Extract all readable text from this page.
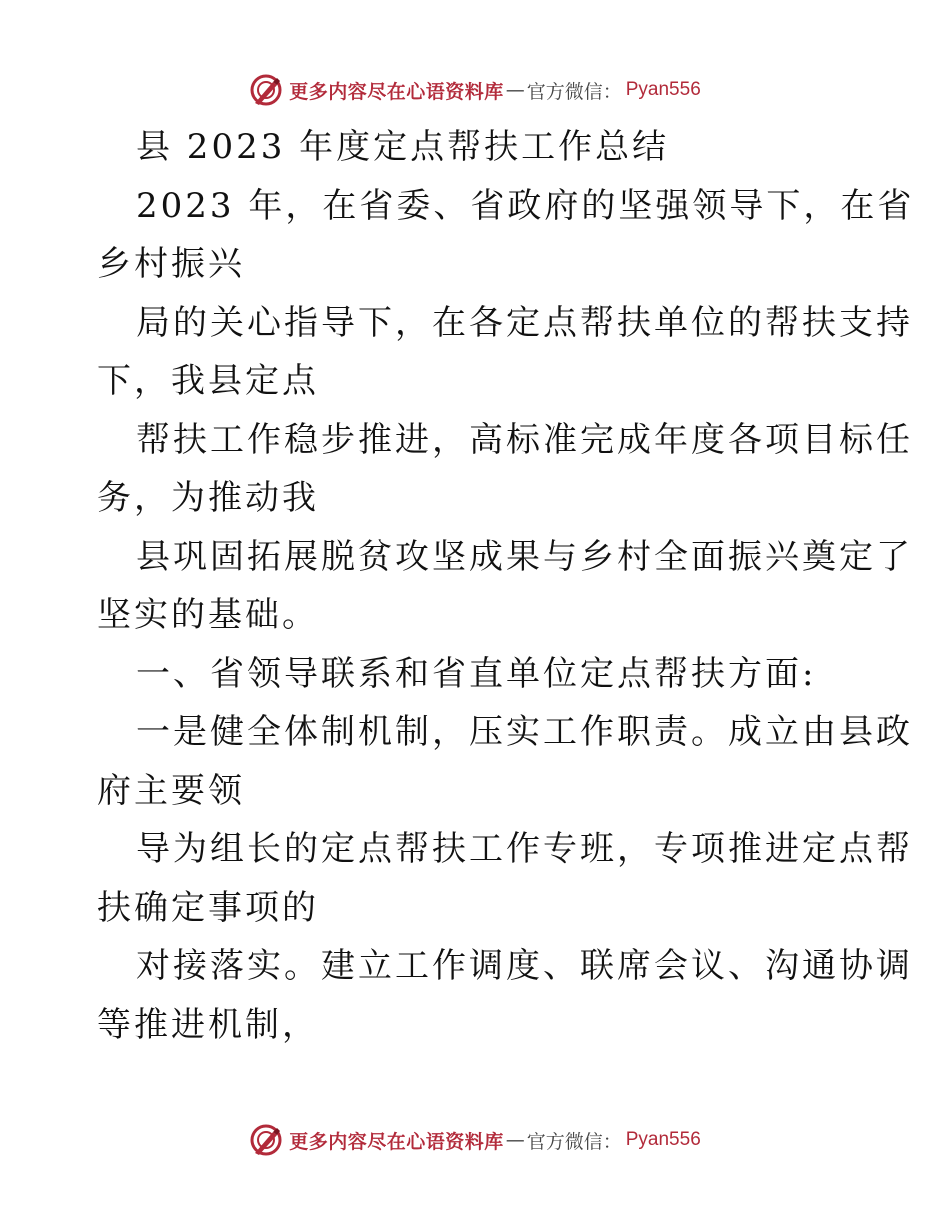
更多内容尽在心语资料库 — 官方微信： Pyan556

县 2023 年度定点帮扶工作总结

2023 年，在省委、省政府的坚强领导下，在省

乡村振兴

局的关心指导下，在各定点帮扶单位的帮扶支持

下，我县定点

帮扶工作稳步推进，高标准完成年度各项目标任

务，为推动我

县巩固拓展脱贫攻坚成果与乡村全面振兴奠定了

坚实的基础。

一、省领导联系和省直单位定点帮扶方面:

一是健全体制机制，压实工作职责。成立由县政

府主要领

导为组长的定点帮扶工作专班，专项推进定点帮

扶确定事项的

对接落实。建立工作调度、联席会议、沟通协调

等推进机制，

更多内容尽在心语资料库 — 官方微信： Pyan556
